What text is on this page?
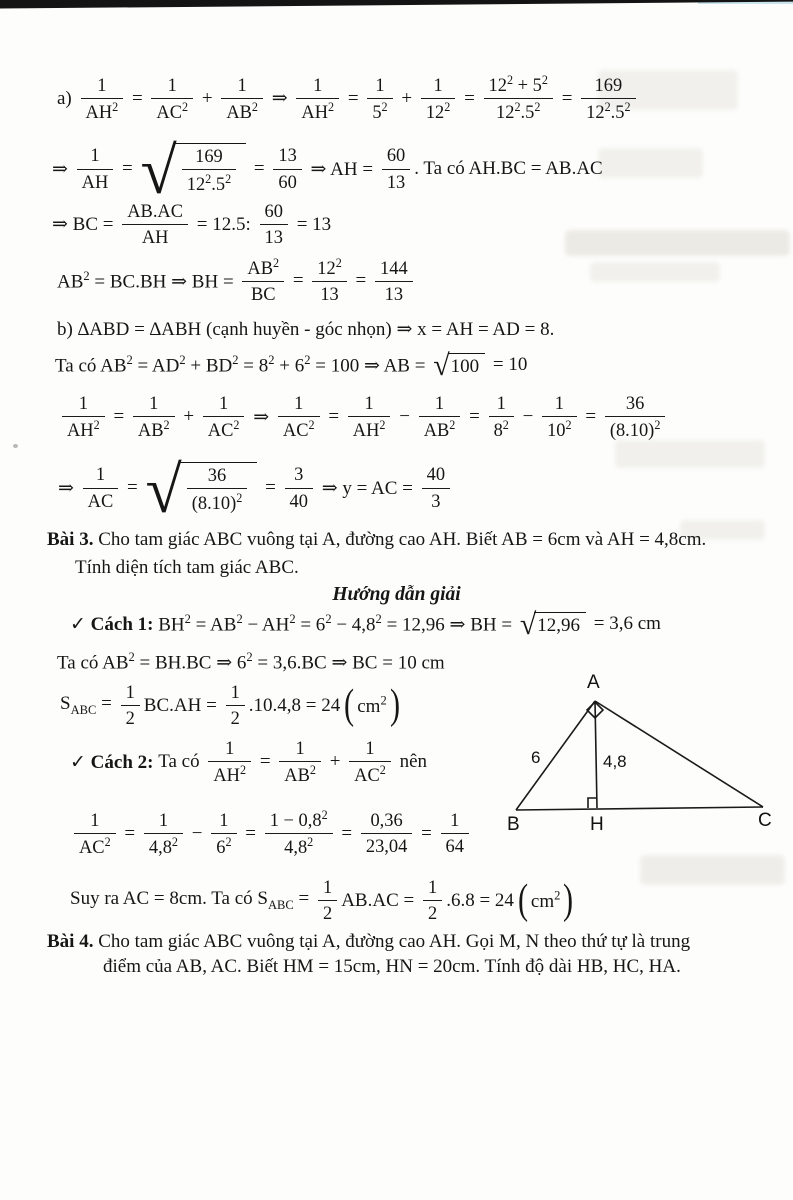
$a) \frac{1}{AH^2} = \frac{1}{AC^2} + \frac{1}{AB^2}$ ⇒ $\frac{1}{AH^2} = \frac{1}{5^2} + \frac{1}{12^2} = \frac{12^2 + 5^2}{12^2.5^2} = \frac{169}{12^2.5^2}$
⇒ $\frac{1}{AH}$ = √ $\frac{169}{12^2.5^2} = \frac{13}{60}$ ⇒ AH = $\frac{60}{13}$ . Ta có AH.BC = AB.AC
⇒ BC = $\frac{AB.AC}{AH} = 12.5$: $\frac{60}{13} = 13$
$AB^2 = BC.BH$ ⇒ BH = $\frac{AB^2}{BC} = \frac{12^2}{13} = \frac{144}{13}$
b) ∆ABD = ∆ABH (cạnh huyền - góc nhọn) ⇒ x = AH = AD = 8.
Ta có $AB^2 = AD^2 + BD^2 = 8^2 + 6^2 = 100$ ⇒ AB = √ 100 = 10
$\frac{1}{AH^2} = \frac{1}{AB^2} + \frac{1}{AC^2}$ ⇒ $\frac{1}{AC^2} = \frac{1}{AH^2} - \frac{1}{AB^2} = \frac{1}{8^2} - \frac{1}{10^2} = \frac{36}{(8.10)^2}$
⇒ $\frac{1}{AC}$ = √ $\frac{36}{(8.10)^2} = \frac{3}{40}$ ⇒ y = AC = $\frac{40}{3}$
Bài 3. Cho tam giác ABC vuông tại A, đường cao AH. Biết AB = 6cm và AH = 4,8cm.
Tính diện tích tam giác ABC.
Hướng dẫn giải
✓ Cách 1: $BH^2 = AB^2 - AH^2 = 6^2 - 4,8^2 = 12,96$ ⇒ BH = √ 12,96 = 3,6 cm
Ta có $AB^2 = BH.BC$ ⇒ $6^2 = 3,6.BC$ ⇒ BC = 10 cm
$S_{ABC} = \frac{1}{2} BC.AH = \frac{1}{2} .10.4,8 = 24$ ( $cm^2$ )
✓ Cách 2: Ta có $\frac{1}{AH^2} = \frac{1}{AB^2} + \frac{1}{AC^2}$ nên
$\frac{1}{AC^2} = \frac{1}{4,8^2} - \frac{1}{6^2} = \frac{1 - 0,8^2}{4,8^2} = \frac{0,36}{23,04} = \frac{1}{64}$
Suy ra AC = 8cm. Ta có $S_{ABC} = \frac{1}{2} AB.AC = \frac{1}{2} .6.8 = 24$ ( $cm^2$ )
Bài 4. Cho tam giác ABC vuông tại A, đường cao AH. Gọi M, N theo thứ tự là trung
điểm của AB, AC. Biết HM = 15cm, HN = 20cm. Tính độ dài HB, HC, HA.
A
B	C
H
6	4,8
